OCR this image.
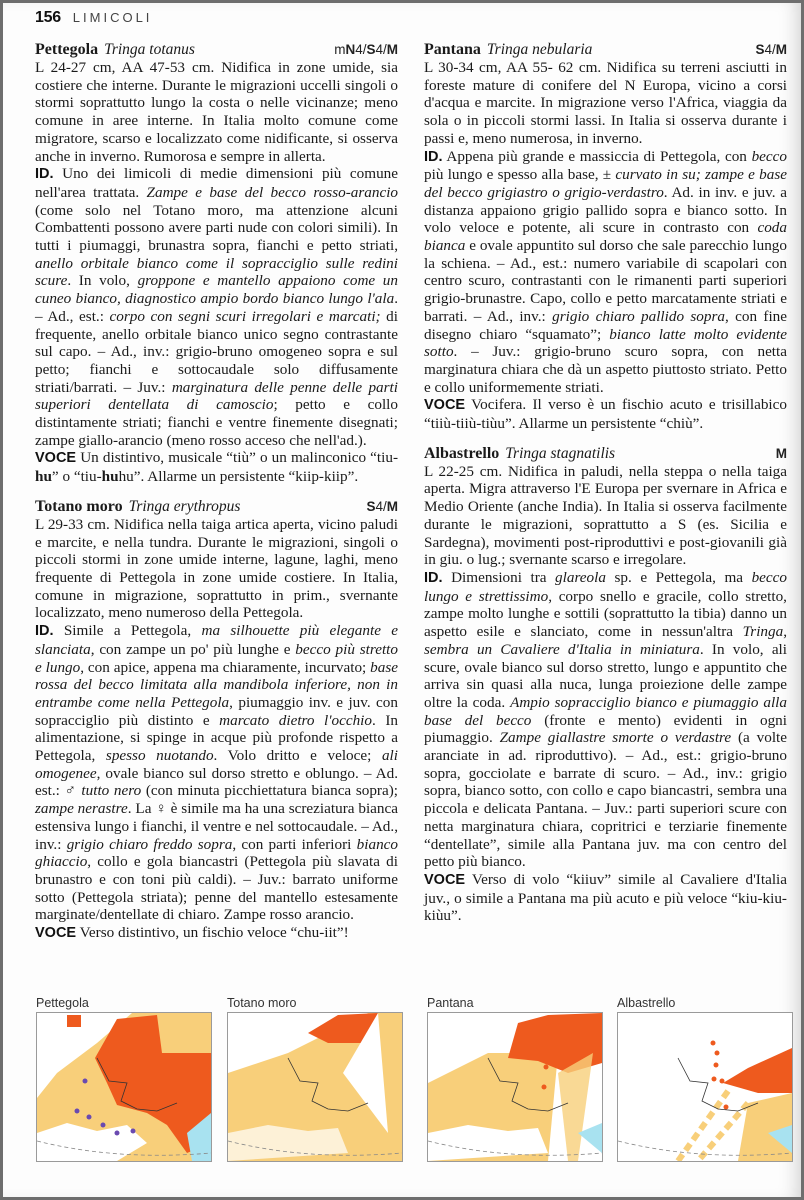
156 LIMICOLI
Pettegola Tringa totanus	mN4/S4/M

L 24-27 cm, AA 47-53 cm. Nidifica in zone umide, sia costiere che interne. Durante le migrazioni uccelli singoli o stormi soprattutto lungo la costa o nelle vicinanze; meno comune in aree interne. In Italia molto comune come migratore, scarso e localizzato come nidificante, si osserva anche in inverno. Rumorosa e sempre in allerta.

ID. Uno dei limicoli di medie dimensioni più comune nell'area trattata. Zampe e base del becco rosso-arancio (come solo nel Totano moro, ma attenzione alcuni Combattenti possono avere parti nude con colori simili). In tutti i piumaggi, brunastra sopra, fianchi e petto striati, anello orbitale bianco come il sopracciglio sulle redini scure. In volo, groppone e mantello appaiono come un cuneo bianco, diagnostico ampio bordo bianco lungo l'ala. – Ad., est.: corpo con segni scuri irregolari e marcati; di frequente, anello orbitale bianco unico segno contrastante sul capo. – Ad., inv.: grigio-bruno omogeneo sopra e sul petto; fianchi e sottocaudale solo diffusamente striati/barrati. – Juv.: marginatura delle penne delle parti superiori dentellata di camoscio; petto e collo distintamente striati; fianchi e ventre finemente disegnati; zampe giallo-arancio (meno rosso acceso che nell'ad.).

VOCE Un distintivo, musicale “tiù” o un malinconico “tiu-hu” o “tiu-huhu”. Allarme un persistente “kiip-kiip”.

Totano moro Tringa erythropus	S4/M

L 29-33 cm. Nidifica nella taiga artica aperta, vicino paludi e marcite, e nella tundra. Durante le migrazioni, singoli o piccoli stormi in zone umide interne, lagune, laghi, meno frequente di Pettegola in zone umide costiere. In Italia, comune in migrazione, soprattutto in prim., svernante localizzato, meno numeroso della Pettegola.

ID. Simile a Pettegola, ma silhouette più elegante e slanciata, con zampe un po' più lunghe e becco più stretto e lungo, con apice, appena ma chiaramente, incurvato; base rossa del becco limitata alla mandibola inferiore, non in entrambe come nella Pettegola, piumaggio inv. e juv. con sopracciglio più distinto e marcato dietro l'occhio. In alimentazione, si spinge in acque più profonde rispetto a Pettegola, spesso nuotando. Volo dritto e veloce; ali omogenee, ovale bianco sul dorso stretto e oblungo. – Ad. est.: ♂ tutto nero (con minuta picchiettatura bianca sopra); zampe nerastre. La ♀ è simile ma ha una screziatura bianca estensiva lungo i fianchi, il ventre e nel sottocaudale. – Ad., inv.: grigio chiaro freddo sopra, con parti inferiori bianco ghiaccio, collo e gola biancastri (Pettegola più slavata di brunastro e con toni più caldi). – Juv.: barrato uniforme sotto (Pettegola striata); penne del mantello estesamente marginate/dentellate di chiaro. Zampe rosso arancio.

VOCE Verso distintivo, un fischio veloce “chu-iit”!

Pantana Tringa nebularia	S4/M

L 30-34 cm, AA 55- 62 cm. Nidifica su terreni asciutti in foreste mature di conifere del N Europa, vicino a corsi d'acqua e marcite. In migrazione verso l'Africa, viaggia da sola o in piccoli stormi lassi. In Italia si osserva durante i passi e, meno numerosa, in inverno.

ID. Appena più grande e massiccia di Pettegola, con becco più lungo e spesso alla base, ± curvato in su; zampe e base del becco grigiastro o grigio-verdastro. Ad. in inv. e juv. a distanza appaiono grigio pallido sopra e bianco sotto. In volo veloce e potente, ali scure in contrasto con coda bianca e ovale appuntito sul dorso che sale parecchio lungo la schiena. – Ad., est.: numero variabile di scapolari con centro scuro, contrastanti con le rimanenti parti superiori grigio-brunastre. Capo, collo e petto marcatamente striati e barrati. – Ad., inv.: grigio chiaro pallido sopra, con fine disegno chiaro “squamato”; bianco latte molto evidente sotto. – Juv.: grigio-bruno scuro sopra, con netta marginatura chiara che dà un aspetto piuttosto striato. Petto e collo uniformemente striati.

VOCE Vocifera. Il verso è un fischio acuto e trisillabico “tiiù-tiiù-tiùu”. Allarme un persistente “chiù”.

Albastrello Tringa stagnatilis	M

L 22-25 cm. Nidifica in paludi, nella steppa o nella taiga aperta. Migra attraverso l'E Europa per svernare in Africa e Medio Oriente (anche India). In Italia si osserva facilmente durante le migrazioni, soprattutto a S (es. Sicilia e Sardegna), movimenti post-riproduttivi e post-giovanili già in giu. o lug.; svernante scarso e irregolare.

ID. Dimensioni tra glareola sp. e Pettegola, ma becco lungo e strettissimo, corpo snello e gracile, collo stretto, zampe molto lunghe e sottili (soprattutto la tibia) danno un aspetto esile e slanciato, come in nessun'altra Tringa, sembra un Cavaliere d'Italia in miniatura. In volo, ali scure, ovale bianco sul dorso stretto, lungo e appuntito che arriva sin quasi alla nuca, lunga proiezione delle zampe oltre la coda. Ampio sopracciglio bianco e piumaggio alla base del becco (fronte e mento) evidenti in ogni piumaggio. Zampe giallastre smorte o verdastre (a volte aranciate in ad. riproduttivo). – Ad., est.: grigio-bruno sopra, gocciolate e barrate di scuro. – Ad., inv.: grigio sopra, bianco sotto, con collo e capo biancastri, sembra una piccola e delicata Pantana. – Juv.: parti superiori scure con netta marginatura chiara, copritrici e terziarie finemente “dentellate”, simile alla Pantana juv. ma con centro del petto più bianco.

VOCE Verso di volo “kiiuv” simile al Cavaliere d'Italia juv., o simile a Pantana ma più acuto e più veloce “kiu-kiu-kiùu”.

Pettegola	Totano moro	Pantana	Albastrello
